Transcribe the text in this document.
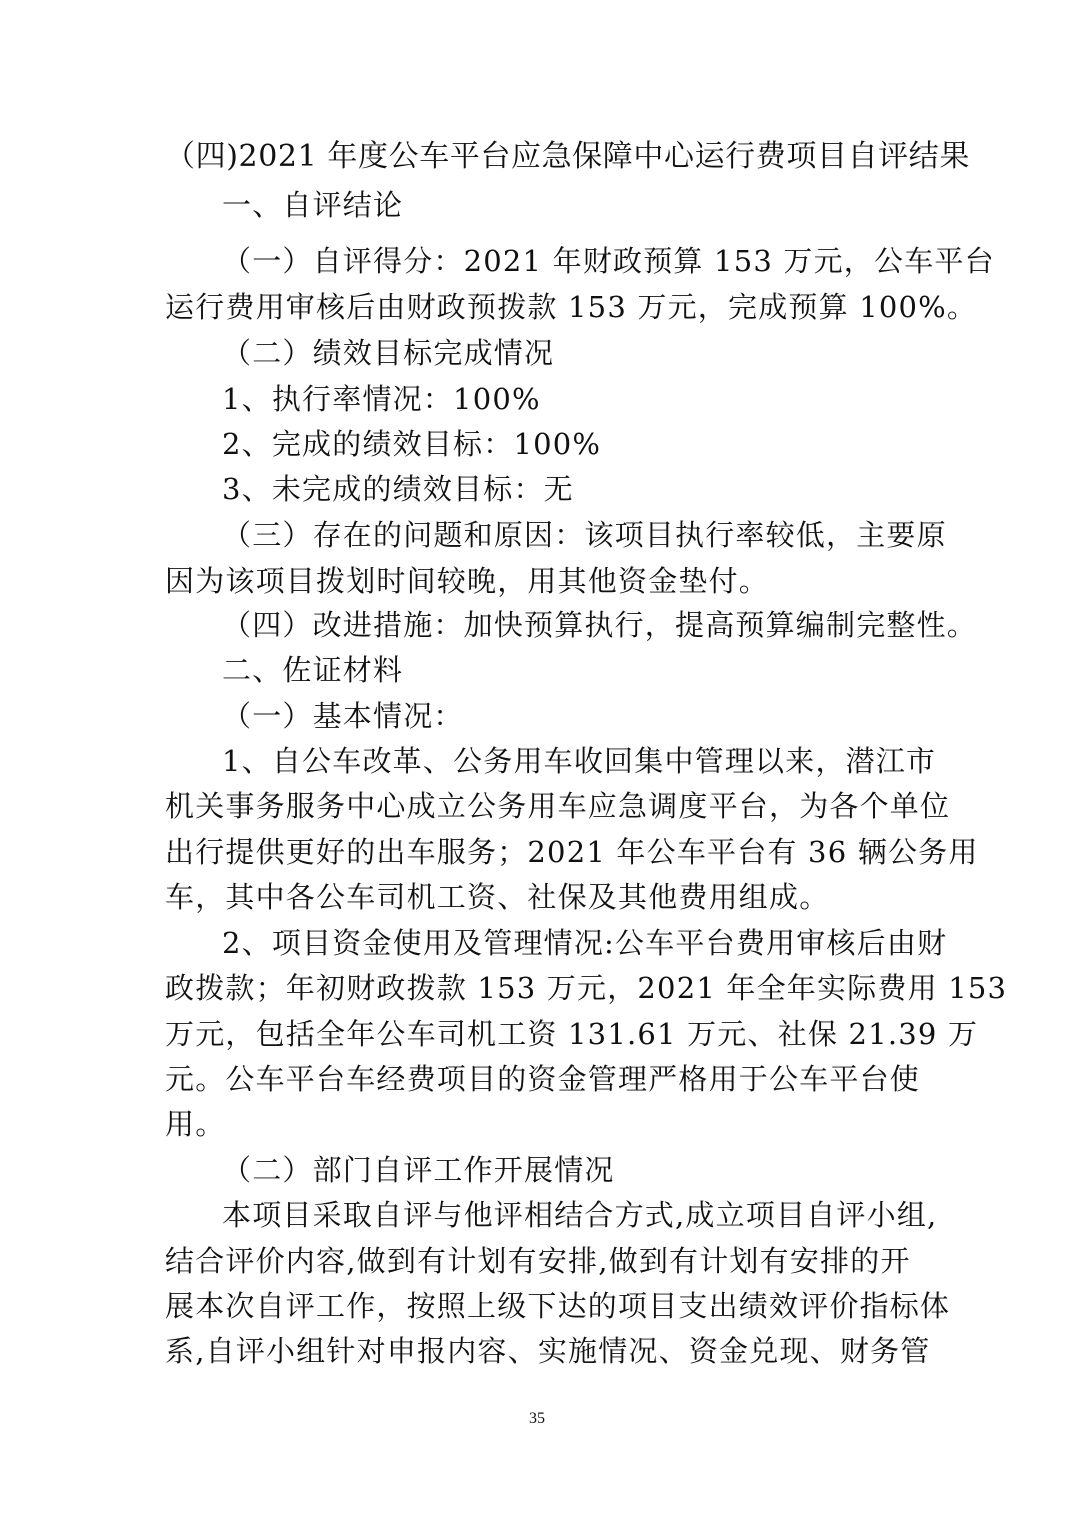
（四)2021 年度公车平台应急保障中心运行费项目自评结果
一、自评结论
（一）自评得分：2021 年财政预算 153 万元，公车平台
运行费用审核后由财政预拨款 153 万元，完成预算 100%。
（二）绩效目标完成情况
1、执行率情况：100%
2、完成的绩效目标：100%
3、未完成的绩效目标：无
（三）存在的问题和原因：该项目执行率较低，主要原
因为该项目拨划时间较晚，用其他资金垫付。
（四）改进措施：加快预算执行，提高预算编制完整性。
二、佐证材料
（一）基本情况：
1、自公车改革、公务用车收回集中管理以来，潜江市
机关事务服务中心成立公务用车应急调度平台，为各个单位
出行提供更好的出车服务；2021 年公车平台有 36 辆公务用
车，其中各公车司机工资、社保及其他费用组成。
2、项目资金使用及管理情况:公车平台费用审核后由财
政拨款；年初财政拨款 153 万元，2021 年全年实际费用 153
万元，包括全年公车司机工资 131.61 万元、社保 21.39 万
元。公车平台车经费项目的资金管理严格用于公车平台使
用。
（二）部门自评工作开展情况
本项目采取自评与他评相结合方式,成立项目自评小组,
结合评价内容,做到有计划有安排,做到有计划有安排的开
展本次自评工作，按照上级下达的项目支出绩效评价指标体
系,自评小组针对申报内容、实施情况、资金兑现、财务管
35
